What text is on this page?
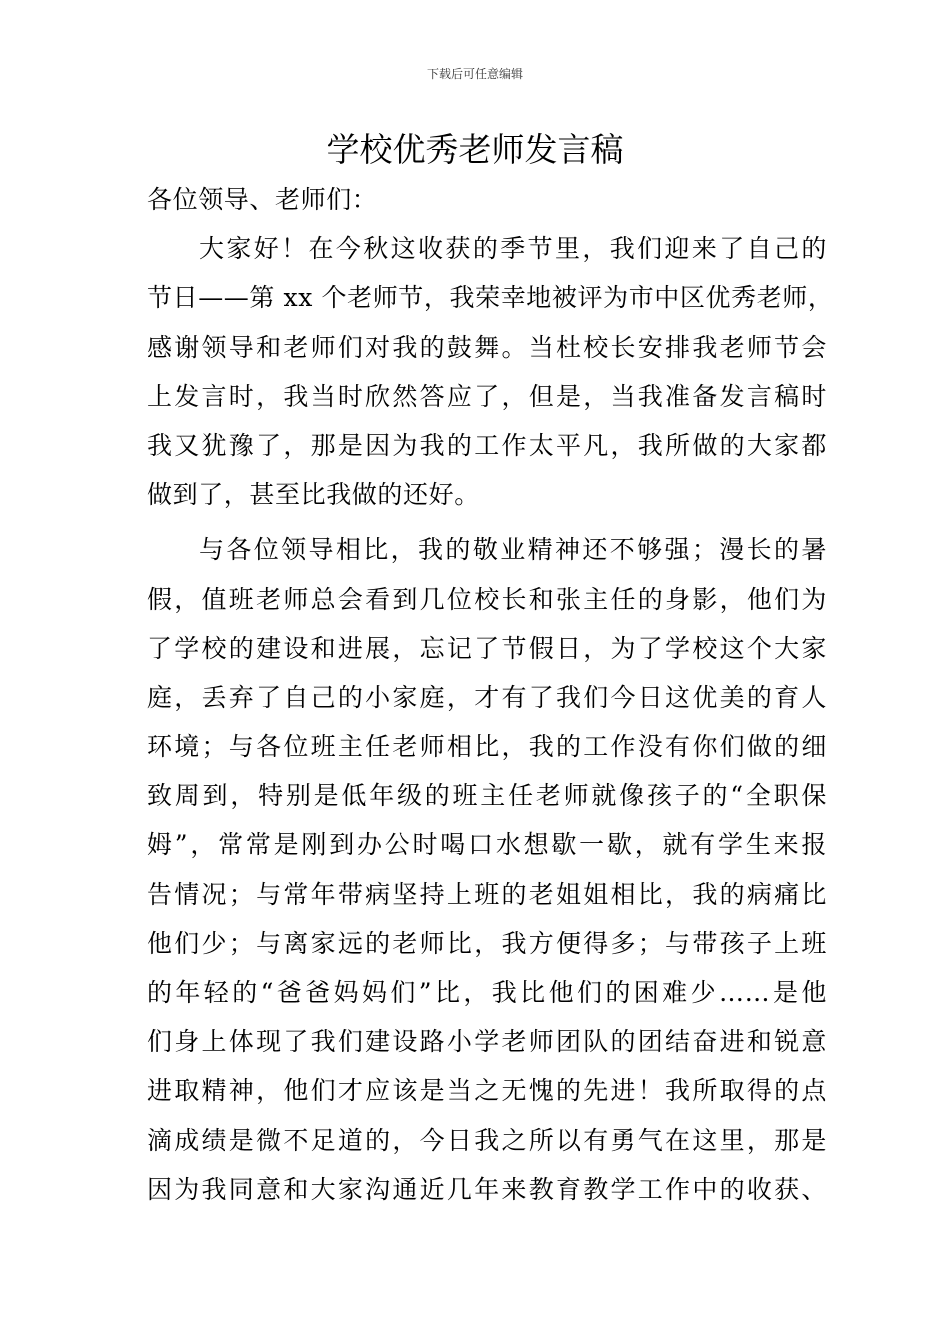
下载后可任意编辑
学校优秀老师发言稿
各位领导、老师们：
大家好！在今秋这收获的季节里，我们迎来了自己的
节日——第 xx 个老师节，我荣幸地被评为市中区优秀老师，
感谢领导和老师们对我的鼓舞。当杜校长安排我老师节会
上发言时，我当时欣然答应了，但是，当我准备发言稿时
我又犹豫了，那是因为我的工作太平凡，我所做的大家都
做到了，甚至比我做的还好。
与各位领导相比，我的敬业精神还不够强；漫长的暑
假，值班老师总会看到几位校长和张主任的身影，他们为
了学校的建设和进展，忘记了节假日，为了学校这个大家
庭，丢弃了自己的小家庭，才有了我们今日这优美的育人
环境；与各位班主任老师相比，我的工作没有你们做的细
致周到，特别是低年级的班主任老师就像孩子的“全职保
姆”，常常是刚到办公时喝口水想歇一歇，就有学生来报
告情况；与常年带病坚持上班的老姐姐相比，我的病痛比
他们少；与离家远的老师比，我方便得多；与带孩子上班
的年轻的“爸爸妈妈们”比，我比他们的困难少……是他
们身上体现了我们建设路小学老师团队的团结奋进和锐意
进取精神，他们才应该是当之无愧的先进！我所取得的点
滴成绩是微不足道的，今日我之所以有勇气在这里，那是
因为我同意和大家沟通近几年来教育教学工作中的收获、
